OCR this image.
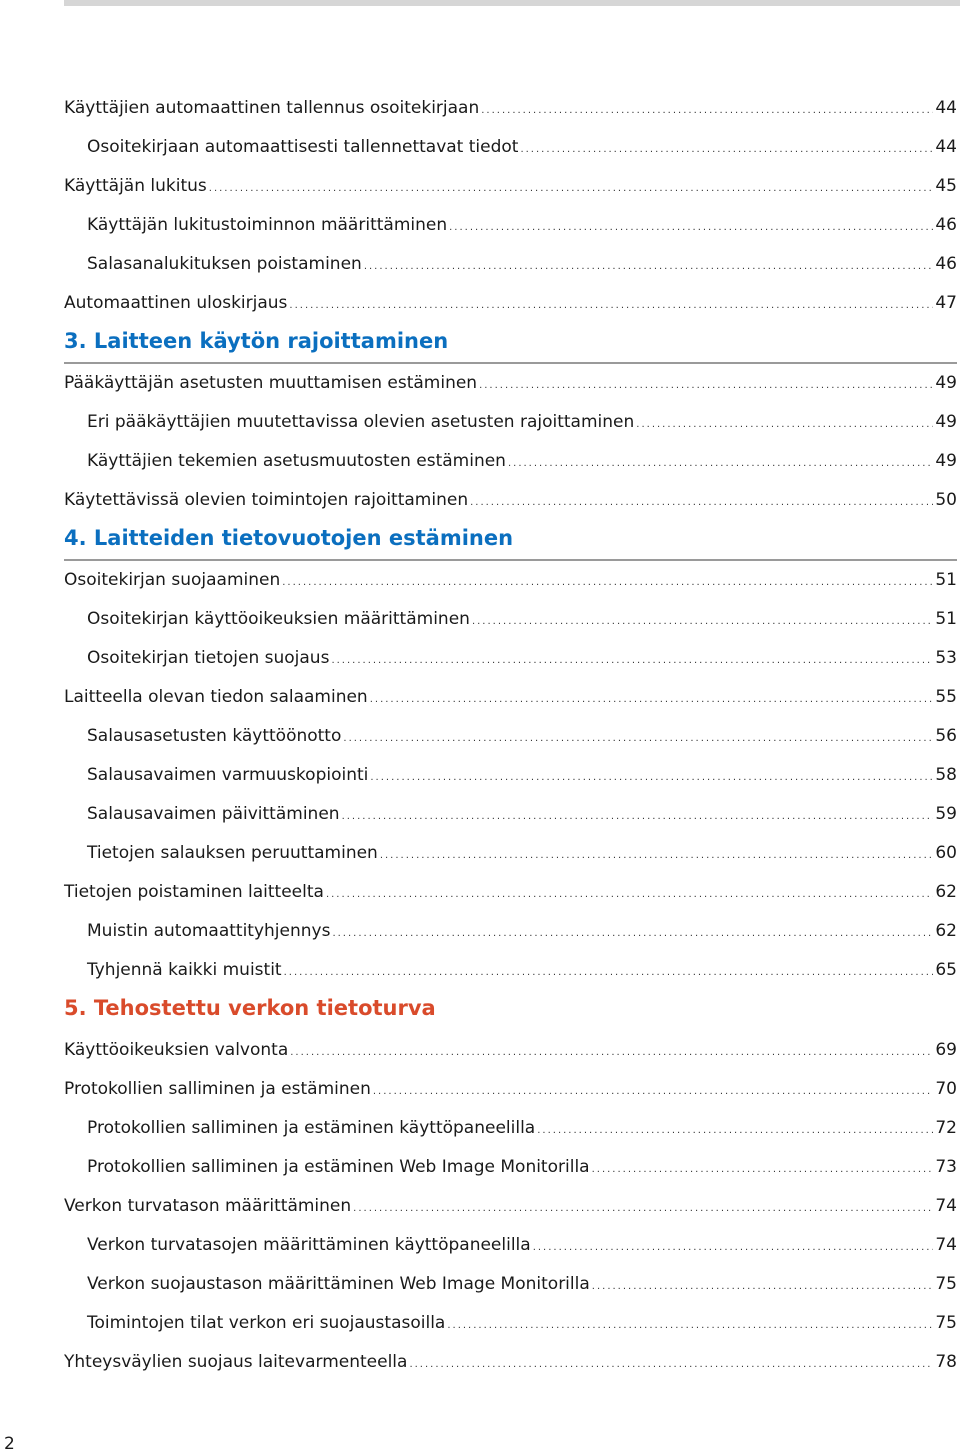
Käyttäjien automaattinen tallennus osoitekirjaan .....	44
Osoitekirjaan automaattisesti tallennettavat tiedot .....	44
Käyttäjän lukitus .....	45
Käyttäjän lukitustoiminnon määrittäminen .....	46
Salasanalukituksen poistaminen .....	46
Automaattinen uloskirjaus .....	47
3. Laitteen käytön rajoittaminen
Pääkäyttäjän asetusten muuttamisen estäminen .....	49
Eri pääkäyttäjien muutettavissa olevien asetusten rajoittaminen .....	49
Käyttäjien tekemien asetusmuutosten estäminen .....	49
Käytettävissä olevien toimintojen rajoittaminen .....	50
4. Laitteiden tietovuotojen estäminen
Osoitekirjan suojaaminen .....	51
Osoitekirjan käyttöoikeuksien määrittäminen .....	51
Osoitekirjan tietojen suojaus .....	53
Laitteella olevan tiedon salaaminen .....	55
Salausasetusten käyttöönotto .....	56
Salausavaimen varmuuskopiointi .....	58
Salausavaimen päivittäminen .....	59
Tietojen salauksen peruuttaminen .....	60
Tietojen poistaminen laitteelta .....	62
Muistin automaattityhjennys .....	62
Tyhjennä kaikki muistit .....	65
5. Tehostettu verkon tietoturva
Käyttöoikeuksien valvonta .....	69
Protokollien salliminen ja estäminen .....	70
Protokollien salliminen ja estäminen käyttöpaneelilla .....	72
Protokollien salliminen ja estäminen Web Image Monitorilla .....	73
Verkon turvatason määrittäminen .....	74
Verkon turvatasojen määrittäminen käyttöpaneelilla .....	74
Verkon suojaustason määrittäminen Web Image Monitorilla .....	75
Toimintojen tilat verkon eri suojaustasoilla .....	75
Yhteysväylien suojaus laitevarmenteella .....	78
2
